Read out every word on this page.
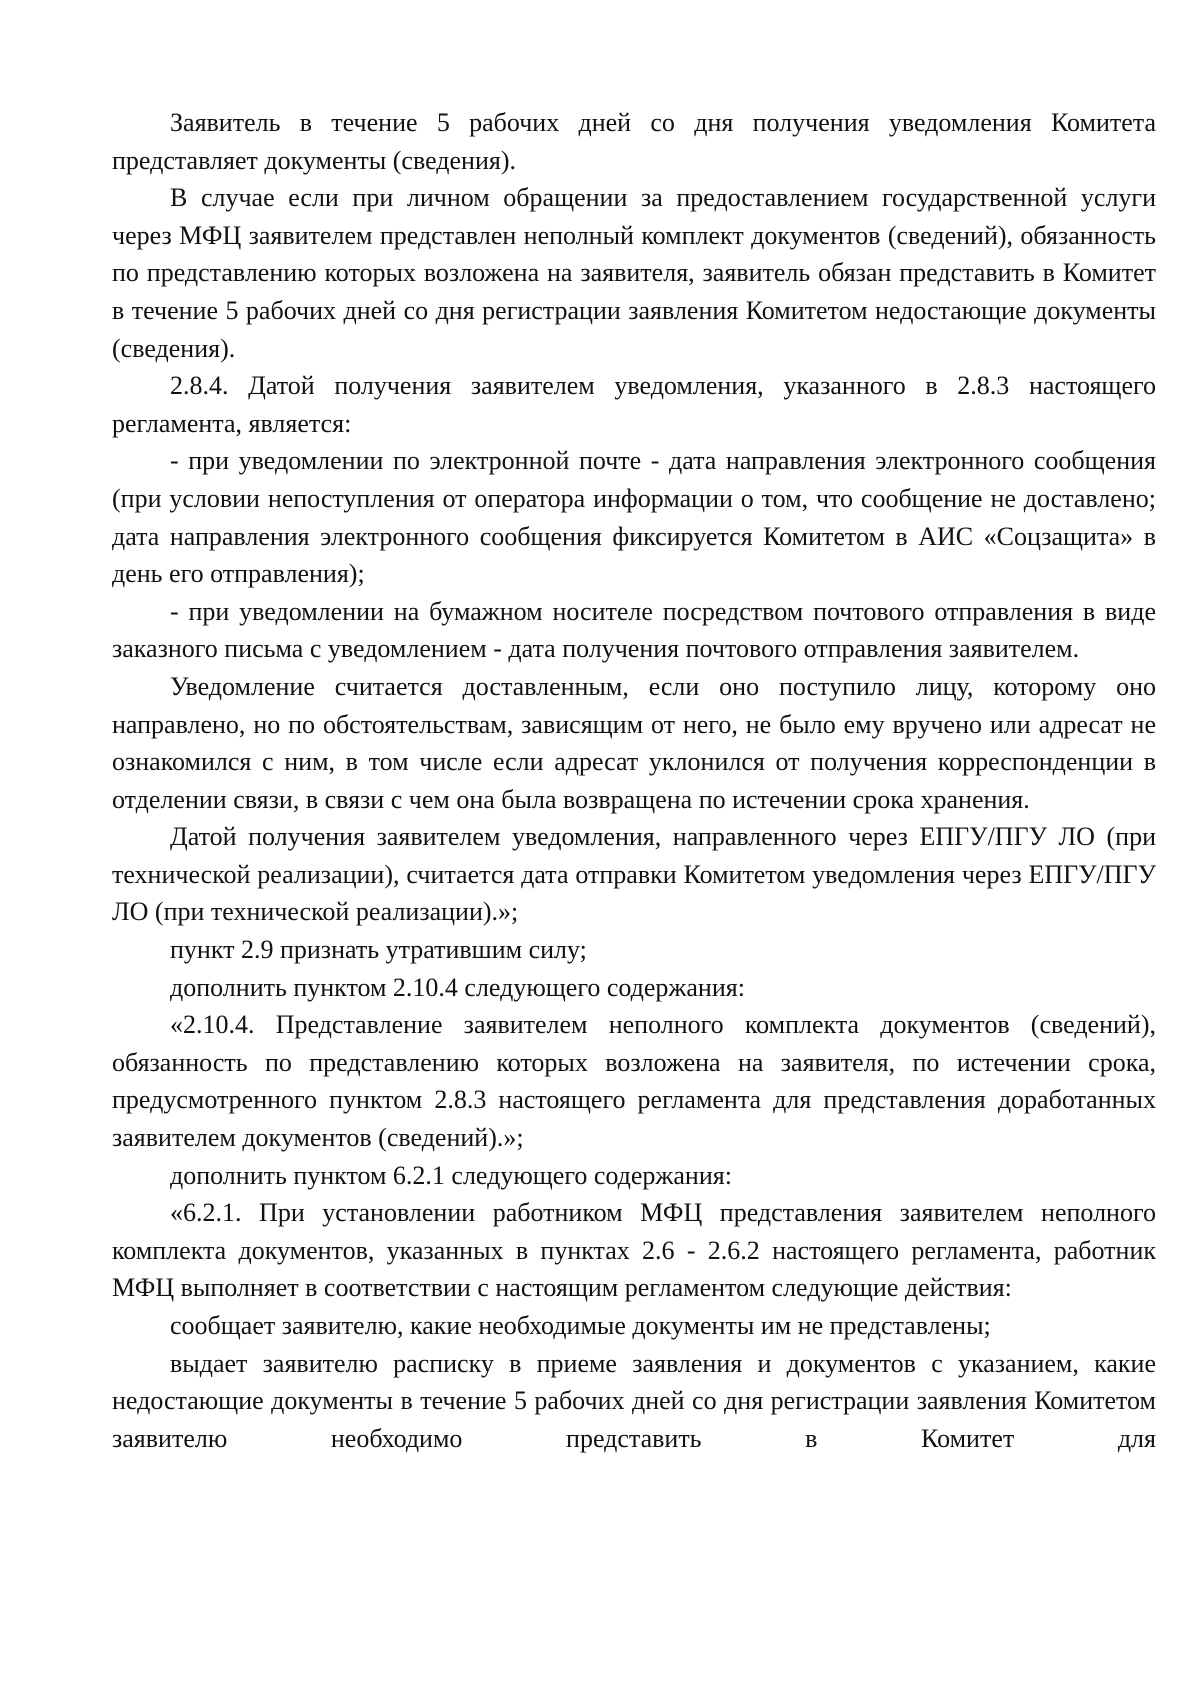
Заявитель в течение 5 рабочих дней со дня получения уведомления Комитета представляет документы (сведения).

В случае если при личном обращении за предоставлением государственной услуги через МФЦ заявителем представлен неполный комплект документов (сведений), обязанность по представлению которых возложена на заявителя, заявитель обязан представить в Комитет в течение 5 рабочих дней со дня регистрации заявления Комитетом недостающие документы (сведения).

2.8.4. Датой получения заявителем уведомления, указанного в 2.8.3 настоящего регламента, является:

- при уведомлении по электронной почте - дата направления электронного сообщения (при условии непоступления от оператора информации о том, что сообщение не доставлено; дата направления электронного сообщения фиксируется Комитетом в АИС «Соцзащита» в день его отправления);

- при уведомлении на бумажном носителе посредством почтового отправления в виде заказного письма с уведомлением - дата получения почтового отправления заявителем.

Уведомление считается доставленным, если оно поступило лицу, которому оно направлено, но по обстоятельствам, зависящим от него, не было ему вручено или адресат не ознакомился с ним, в том числе если адресат уклонился от получения корреспонденции в отделении связи, в связи с чем она была возвращена по истечении срока хранения.

Датой получения заявителем уведомления, направленного через ЕПГУ/ПГУ ЛО (при технической реализации), считается дата отправки Комитетом уведомления через ЕПГУ/ПГУ ЛО (при технической реализации).»;

пункт 2.9 признать утратившим силу;

дополнить пунктом 2.10.4 следующего содержания:

«2.10.4. Представление заявителем неполного комплекта документов (сведений), обязанность по представлению которых возложена на заявителя, по истечении срока, предусмотренного пунктом 2.8.3 настоящего регламента для представления доработанных заявителем документов (сведений).»;

дополнить пунктом 6.2.1 следующего содержания:

«6.2.1. При установлении работником МФЦ представления заявителем неполного комплекта документов, указанных в пунктах 2.6 - 2.6.2 настоящего регламента, работник МФЦ выполняет в соответствии с настоящим регламентом следующие действия:

сообщает заявителю, какие необходимые документы им не представлены;

выдает заявителю расписку в приеме заявления и документов с указанием, какие недостающие документы в течение 5 рабочих дней со дня регистрации заявления Комитетом заявителю необходимо представить в Комитет для
